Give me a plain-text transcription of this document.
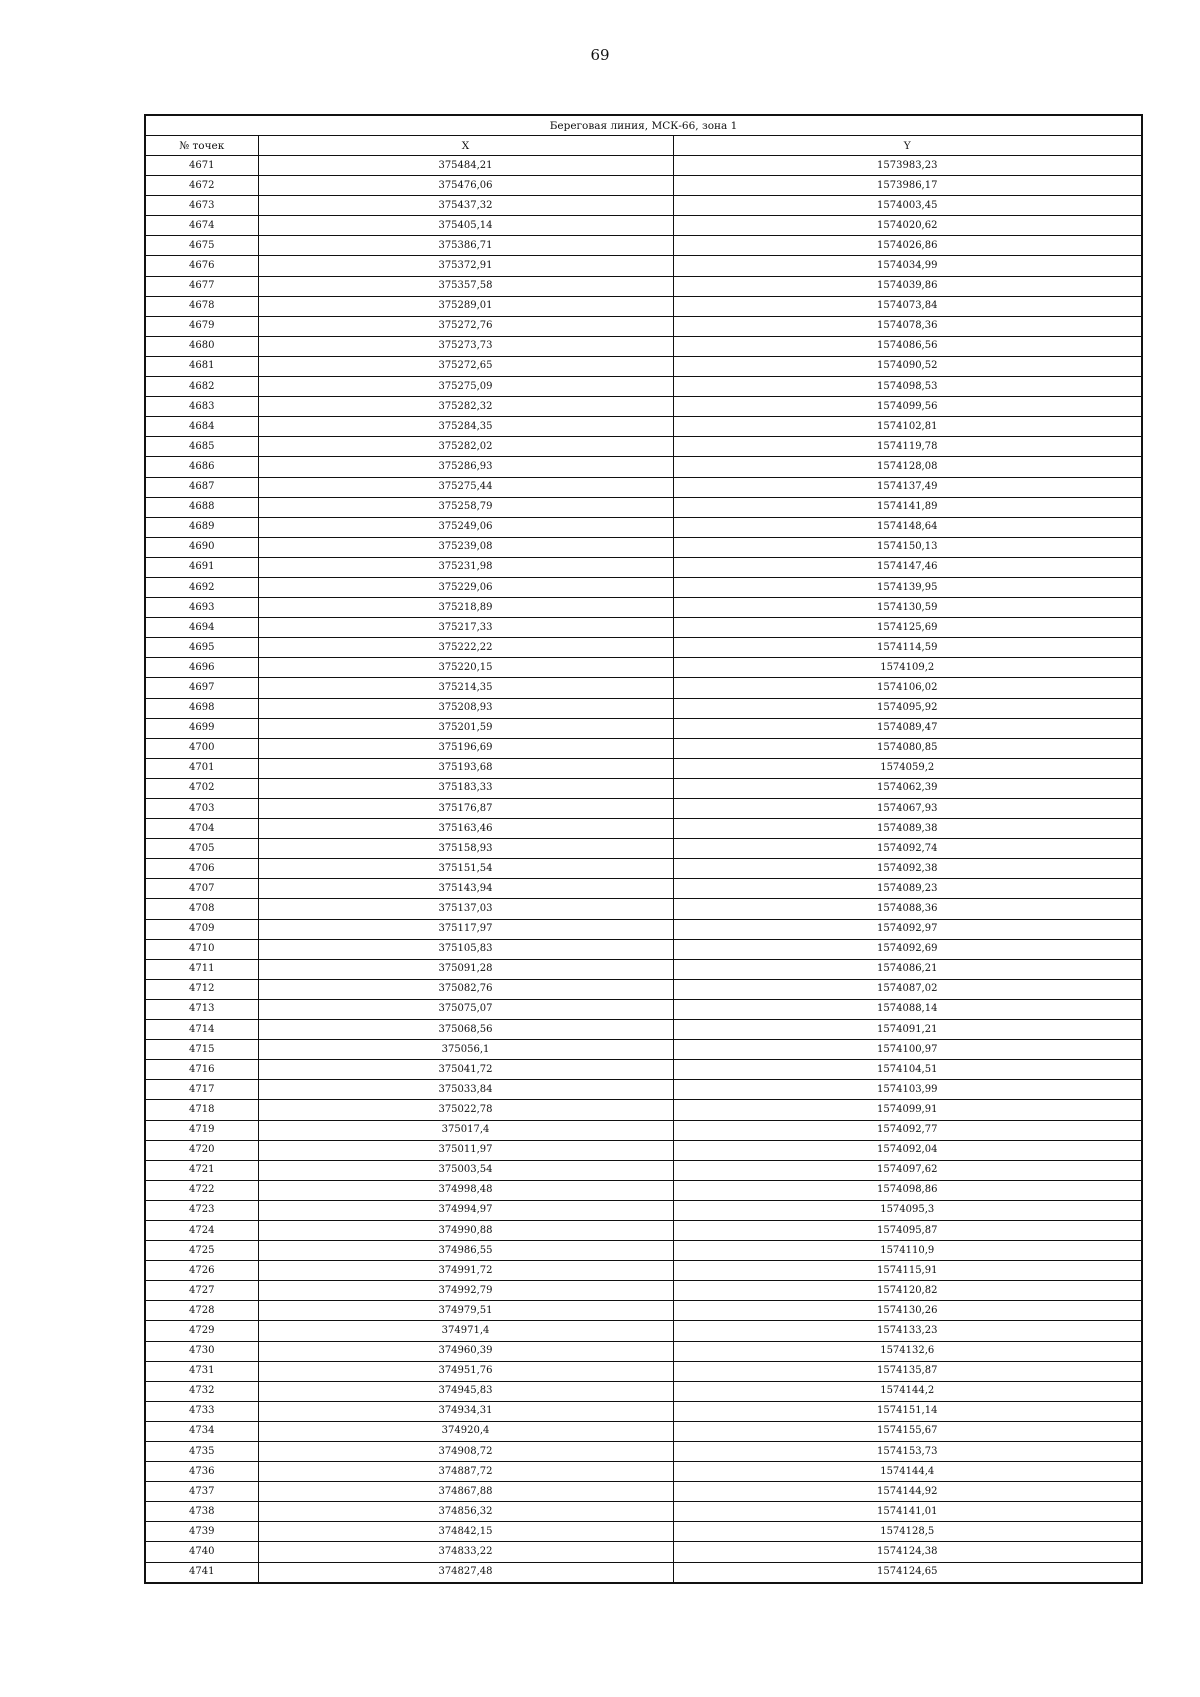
69
Береговая линия, МСК-66, зона 1		
№ точек	X	Y
4671	375484,21	1573983,23
4672	375476,06	1573986,17
4673	375437,32	1574003,45
4674	375405,14	1574020,62
4675	375386,71	1574026,86
4676	375372,91	1574034,99
4677	375357,58	1574039,86
4678	375289,01	1574073,84
4679	375272,76	1574078,36
4680	375273,73	1574086,56
4681	375272,65	1574090,52
4682	375275,09	1574098,53
4683	375282,32	1574099,56
4684	375284,35	1574102,81
4685	375282,02	1574119,78
4686	375286,93	1574128,08
4687	375275,44	1574137,49
4688	375258,79	1574141,89
4689	375249,06	1574148,64
4690	375239,08	1574150,13
4691	375231,98	1574147,46
4692	375229,06	1574139,95
4693	375218,89	1574130,59
4694	375217,33	1574125,69
4695	375222,22	1574114,59
4696	375220,15	1574109,2
4697	375214,35	1574106,02
4698	375208,93	1574095,92
4699	375201,59	1574089,47
4700	375196,69	1574080,85
4701	375193,68	1574059,2
4702	375183,33	1574062,39
4703	375176,87	1574067,93
4704	375163,46	1574089,38
4705	375158,93	1574092,74
4706	375151,54	1574092,38
4707	375143,94	1574089,23
4708	375137,03	1574088,36
4709	375117,97	1574092,97
4710	375105,83	1574092,69
4711	375091,28	1574086,21
4712	375082,76	1574087,02
4713	375075,07	1574088,14
4714	375068,56	1574091,21
4715	375056,1	1574100,97
4716	375041,72	1574104,51
4717	375033,84	1574103,99
4718	375022,78	1574099,91
4719	375017,4	1574092,77
4720	375011,97	1574092,04
4721	375003,54	1574097,62
4722	374998,48	1574098,86
4723	374994,97	1574095,3
4724	374990,88	1574095,87
4725	374986,55	1574110,9
4726	374991,72	1574115,91
4727	374992,79	1574120,82
4728	374979,51	1574130,26
4729	374971,4	1574133,23
4730	374960,39	1574132,6
4731	374951,76	1574135,87
4732	374945,83	1574144,2
4733	374934,31	1574151,14
4734	374920,4	1574155,67
4735	374908,72	1574153,73
4736	374887,72	1574144,4
4737	374867,88	1574144,92
4738	374856,32	1574141,01
4739	374842,15	1574128,5
4740	374833,22	1574124,38
4741	374827,48	1574124,65
